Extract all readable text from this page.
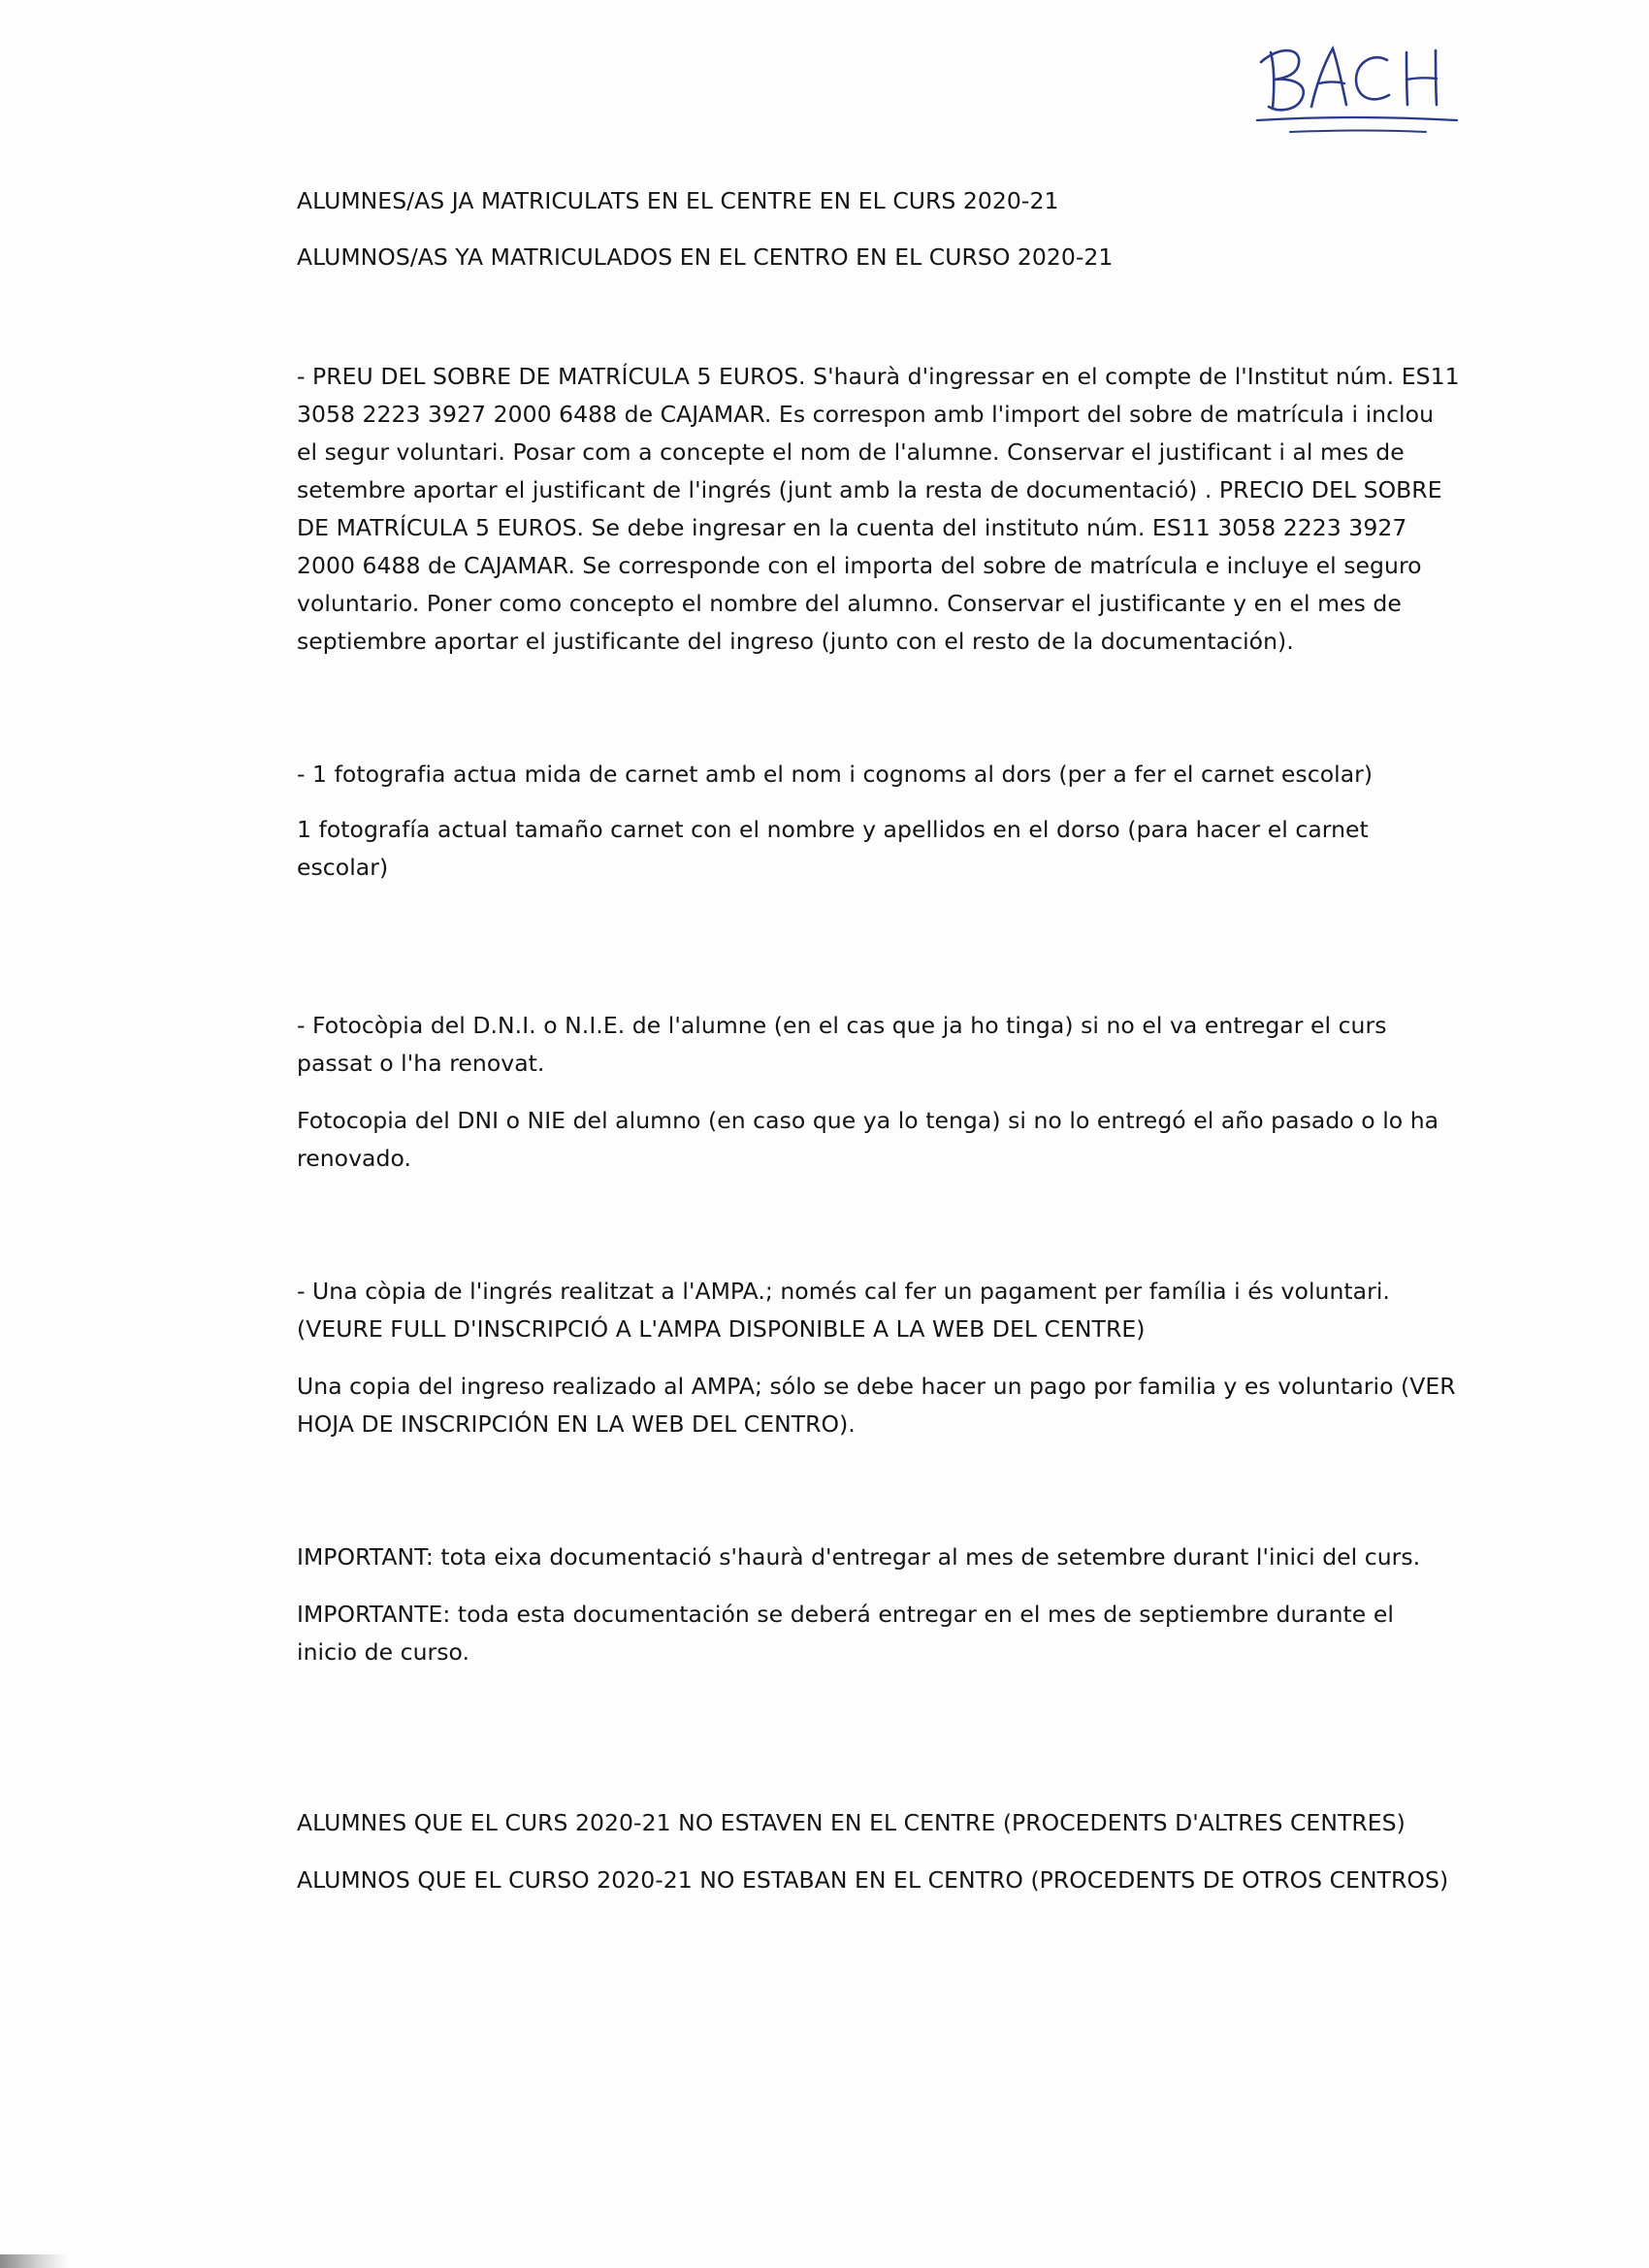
ALUMNES/AS JA MATRICULATS EN EL CENTRE EN EL CURS 2020-21

ALUMNOS/AS YA MATRICULADOS EN EL CENTRO EN EL CURSO 2020-21

- PREU DEL SOBRE DE MATRÍCULA 5 EUROS. S'haurà d'ingressar en el compte de l'Institut núm. ES11 3058 2223 3927 2000 6488 de CAJAMAR. Es correspon amb l'import del sobre de matrícula i inclou el segur voluntari. Posar com a concepte el nom de l'alumne. Conservar el justificant i al mes de setembre aportar el justificant de l'ingrés (junt amb la resta de documentació) . PRECIO DEL SOBRE DE MATRÍCULA 5 EUROS. Se debe ingresar en la cuenta del instituto núm. ES11 3058 2223 3927 2000 6488 de CAJAMAR. Se corresponde con el importa del sobre de matrícula e incluye el seguro voluntario. Poner como concepto el nombre del alumno. Conservar el justificante y en el mes de septiembre aportar el justificante del ingreso (junto con el resto de la documentación).

- 1 fotografia actua mida de carnet amb el nom i cognoms al dors (per a fer el carnet escolar)

1 fotografía actual tamaño carnet con el nombre y apellidos en el dorso (para hacer el carnet escolar)

- Fotocòpia del D.N.I. o N.I.E. de l'alumne (en el cas que ja ho tinga) si no el va entregar el curs passat o l'ha renovat.

Fotocopia del DNI o NIE del alumno (en caso que ya lo tenga) si no lo entregó el año pasado o lo ha renovado.

- Una còpia de l'ingrés realitzat a l'AMPA.; només cal fer un pagament per família i és voluntari. (VEURE FULL D'INSCRIPCIÓ A L'AMPA DISPONIBLE A LA WEB DEL CENTRE)

Una copia del ingreso realizado al AMPA; sólo se debe hacer un pago por familia y es voluntario (VER HOJA DE INSCRIPCIÓN EN LA WEB DEL CENTRO).

IMPORTANT: tota eixa documentació s'haurà d'entregar al mes de setembre durant l'inici del curs.

IMPORTANTE: toda esta documentación se deberá entregar en el mes de septiembre durante el inicio de curso.

ALUMNES QUE EL CURS 2020-21 NO ESTAVEN EN EL CENTRE (PROCEDENTS D'ALTRES CENTRES)

ALUMNOS QUE EL CURSO 2020-21 NO ESTABAN EN EL CENTRO (PROCEDENTS DE OTROS CENTROS)
